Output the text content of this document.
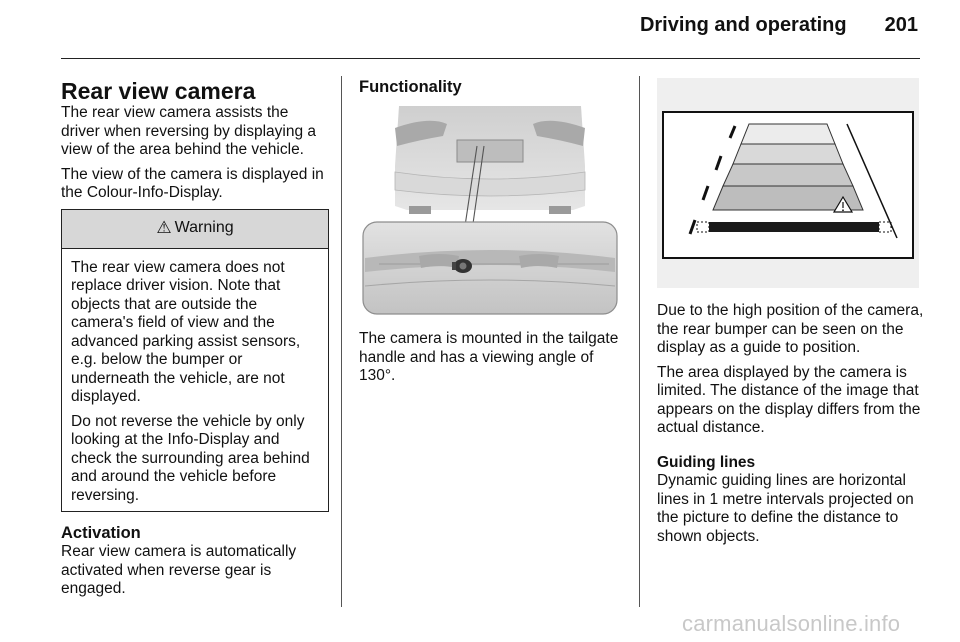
Driving and operating 201
Rear view camera

The rear view camera assists the driver when reversing by displaying a view of the area behind the vehicle.

The view of the camera is displayed in the Colour-Info-Display.

⚠ Warning

The rear view camera does not replace driver vision. Note that objects that are outside the camera's field of view and the advanced parking assist sensors, e.g. below the bumper or underneath the vehicle, are not displayed.

Do not reverse the vehicle by only looking at the Info-Display and check the surrounding area behind and around the vehicle before reversing.

Activation

Rear view camera is automatically activated when reverse gear is engaged.

Functionality

The camera is mounted in the tailgate handle and has a viewing angle of 130°.

Due to the high position of the camera, the rear bumper can be seen on the display as a guide to position.

The area displayed by the camera is limited. The distance of the image that appears on the display differs from the actual distance.

Guiding lines

Dynamic guiding lines are horizontal lines in 1 metre intervals projected on the picture to define the distance to shown objects.

carmanualsonline.info
